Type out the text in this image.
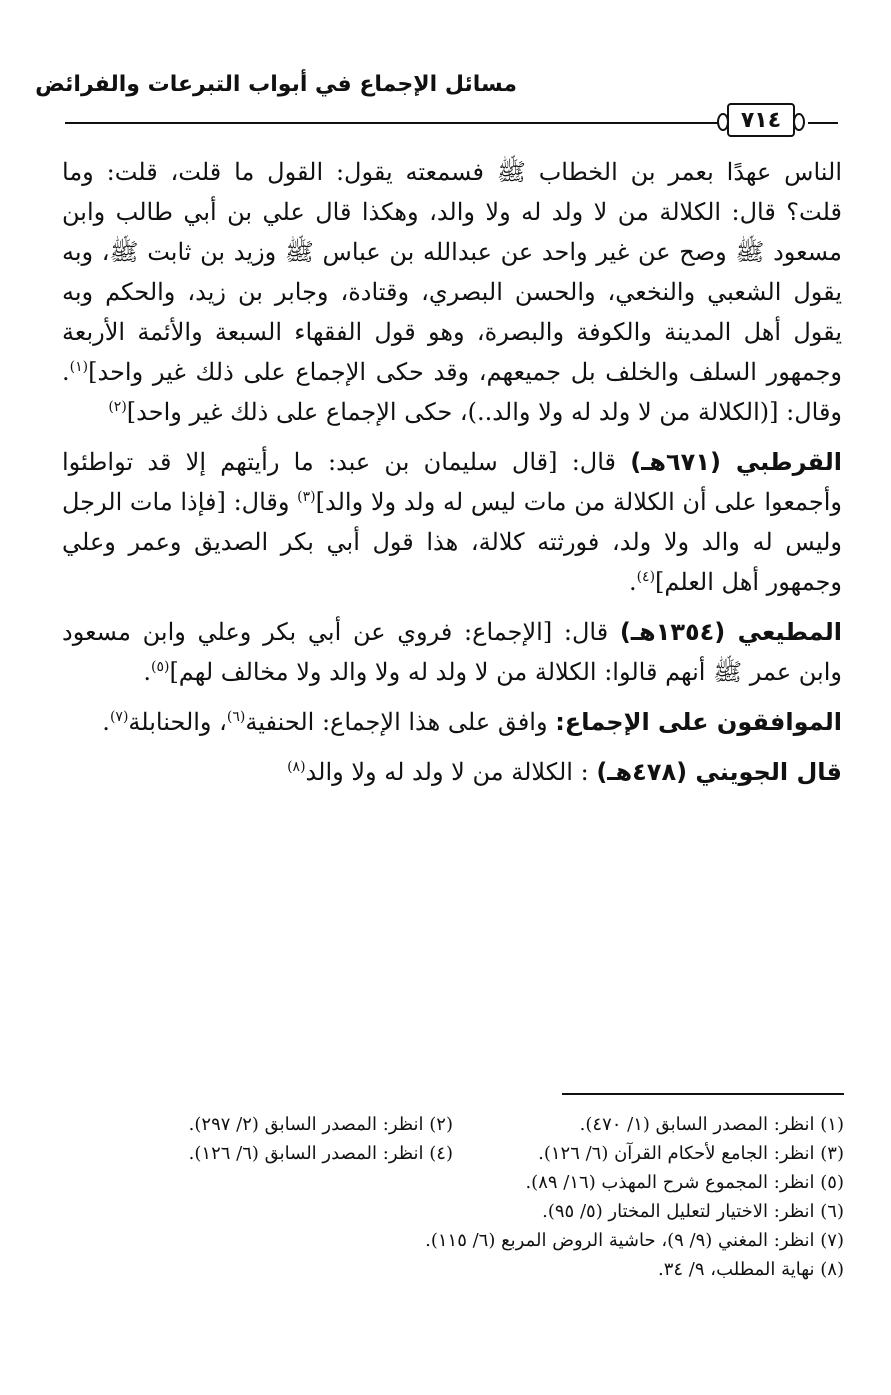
مسائل الإجماع في أبواب التبرعات والفرائض
٧١٤

الناس عهدًا بعمر بن الخطاب ﷺ فسمعته يقول: القول ما قلت، قلت: وما قلت؟ قال: الكلالة من لا ولد له ولا والد، وهكذا قال علي بن أبي طالب وابن مسعود ﷺ وصح عن غير واحد عن عبدالله بن عباس ﷺ وزيد بن ثابت ﷺ، وبه يقول الشعبي والنخعي، والحسن البصري، وقتادة، وجابر بن زيد، والحكم وبه يقول أهل المدينة والكوفة والبصرة، وهو قول الفقهاء السبعة والأئمة الأربعة وجمهور السلف والخلف بل جميعهم، وقد حكى الإجماع على ذلك غير واحد]$^{(١)}$. وقال: [(الكلالة من لا ولد له ولا والد..)، حكى الإجماع على ذلك غير واحد]$^{(٢)}$

القرطبي (٦٧١هـ) قال: [قال سليمان بن عبد: ما رأيتهم إلا قد تواطئوا وأجمعوا على أن الكلالة من مات ليس له ولد ولا والد]$^{(٣)}$ وقال: [فإذا مات الرجل وليس له والد ولا ولد، فورثته كلالة، هذا قول أبي بكر الصديق وعمر وعلي وجمهور أهل العلم]$^{(٤)}$.

المطيعي (١٣٥٤هـ) قال: [الإجماع: فروي عن أبي بكر وعلي وابن مسعود وابن عمر ﷺ أنهم قالوا: الكلالة من لا ولد له ولا والد ولا مخالف لهم]$^{(٥)}$.

الموافقون على الإجماع: وافق على هذا الإجماع: الحنفية$^{(٦)}$، والحنابلة$^{(٧)}$.

قال الجويني (٤٧٨هـ) : الكلالة من لا ولد له ولا والد$^{(٨)}$

(١) انظر: المصدر السابق (١/ ٤٧٠).
(٢) انظر: المصدر السابق (٢/ ٢٩٧).
(٣) انظر: الجامع لأحكام القرآن (٦/ ١٢٦).
(٤) انظر: المصدر السابق (٦/ ١٢٦).
(٥) انظر: المجموع شرح المهذب (١٦/ ٨٩).
(٦) انظر: الاختيار لتعليل المختار (٥/ ٩٥).
(٧) انظر: المغني (٩/ ٩)، حاشية الروض المربع (٦/ ١١٥).
(٨) نهاية المطلب، ٩/ ٣٤.
